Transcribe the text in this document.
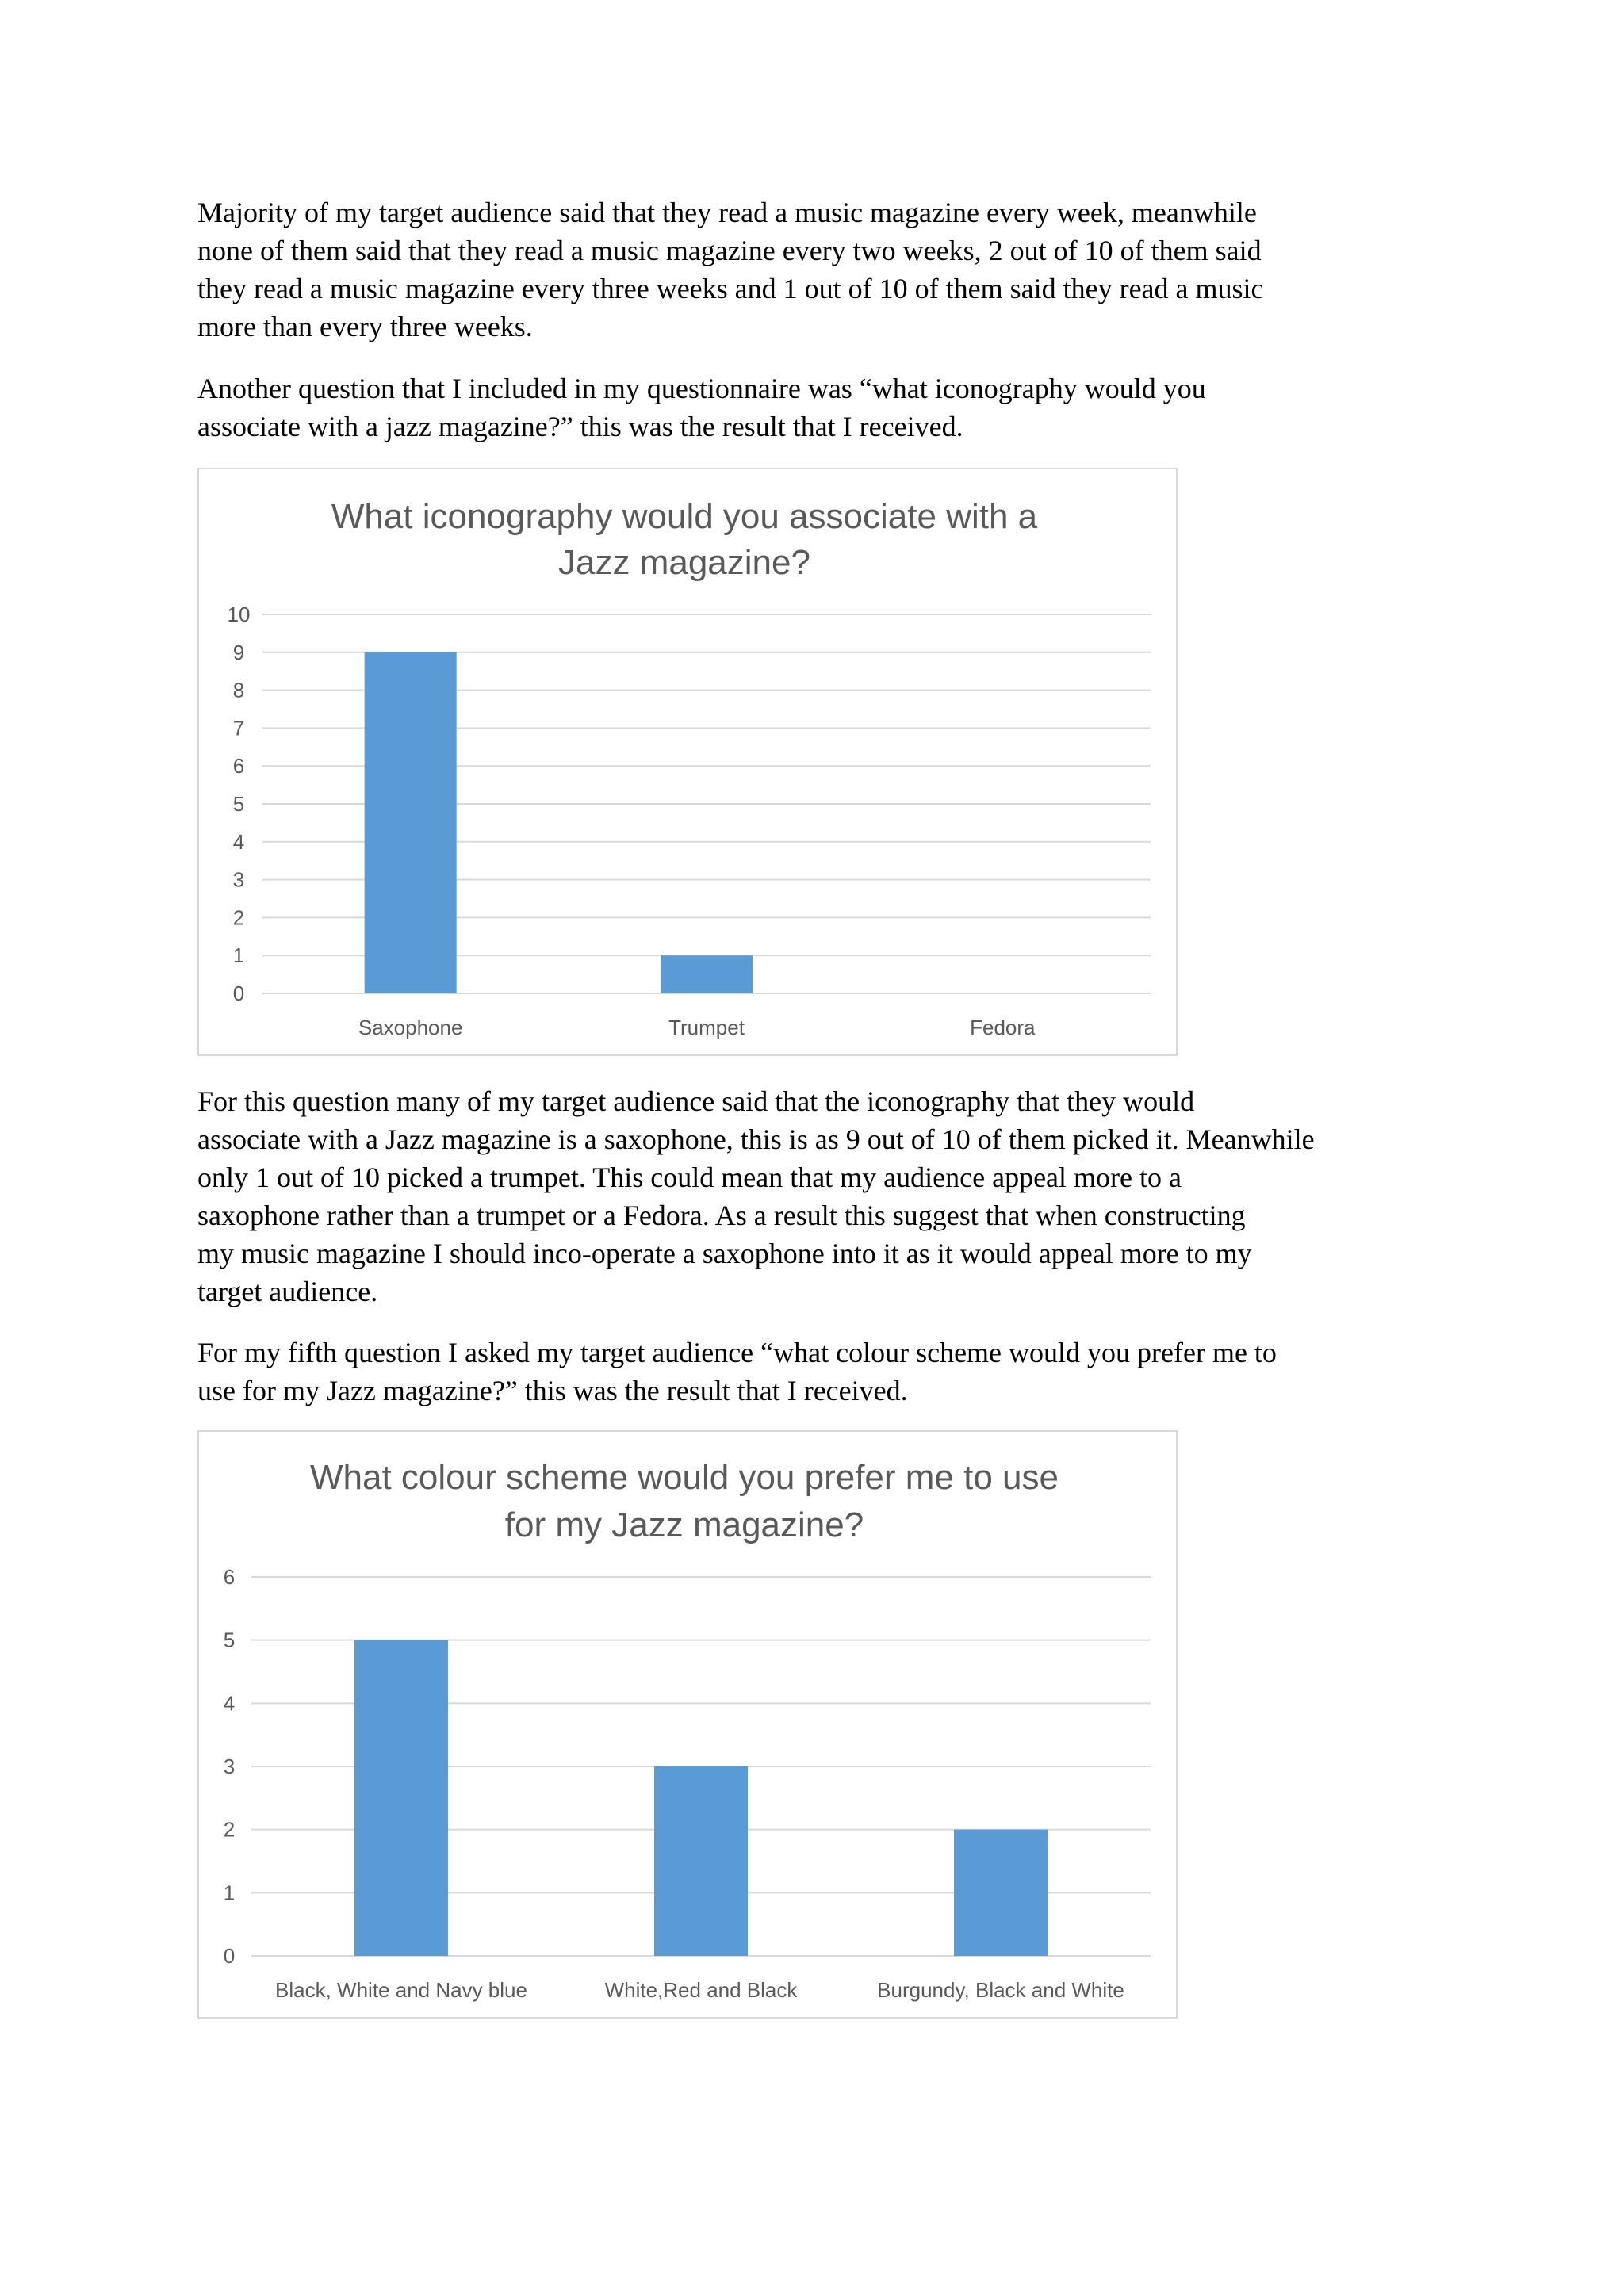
Majority of my target audience said that they read a music magazine every week, meanwhile
none of them said that they read a music magazine every two weeks, 2 out of 10 of them said
they read a music magazine every three weeks and 1 out of 10 of them said they read a music
more than every three weeks.
Another question that I included in my questionnaire was “what iconography would you
associate with a jazz magazine?” this was the result that I received.
What iconography would you associate with a
Jazz magazine?
0
1
2
3
4
5
6
7
8
9
10
Saxophone	Trumpet	Fedora
For this question many of my target audience said that the iconography that they would
associate with a Jazz magazine is a saxophone, this is as 9 out of 10 of them picked it. Meanwhile
only 1 out of 10 picked a trumpet. This could mean that my audience appeal more to a
saxophone rather than a trumpet or a Fedora. As a result this suggest that when constructing
my music magazine I should inco-operate a saxophone into it as it would appeal more to my
target audience.
For my fifth question I asked my target audience “what colour scheme would you prefer me to
use for my Jazz magazine?” this was the result that I received.
What colour scheme would you prefer me to use
for my Jazz magazine?
0
1
2
3
4
5
6
Black, White and Navy blue	White,Red and Black	Burgundy, Black and White
